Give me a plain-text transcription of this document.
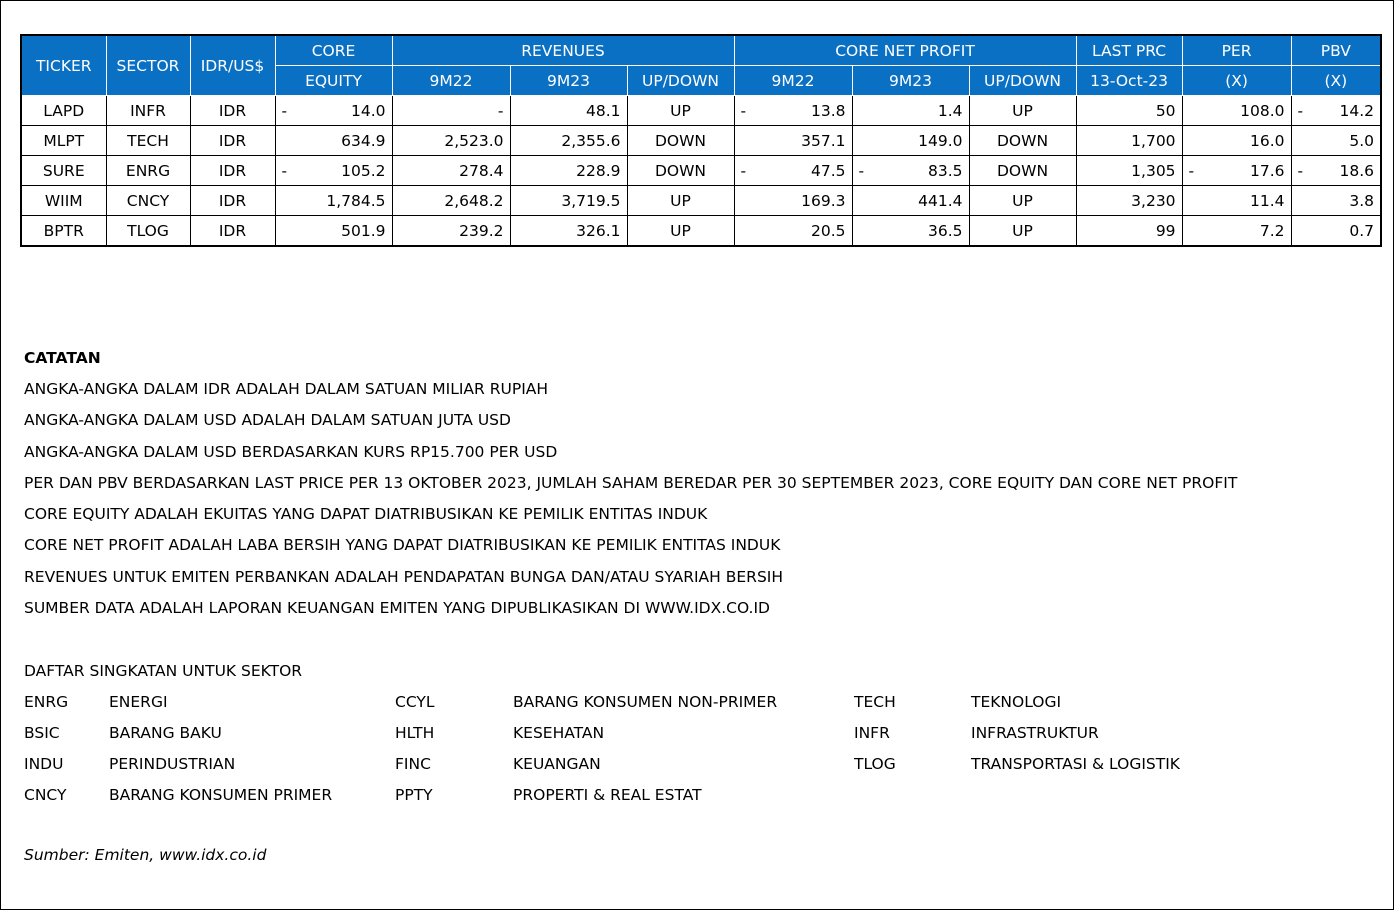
TICKER	SECTOR	IDR/US$	CORE	REVENUES			CORE NET PROFIT			LAST PRC	PER	PBV
			EQUITY	9M22	9M23	UP/DOWN	9M22	9M23	UP/DOWN	13-Oct-23	(X)	(X)
LAPD	INFR	IDR	- 14.0	-	48.1	UP	- 13.8	1.4	UP	50	108.0	- 14.2
MLPT	TECH	IDR	634.9	2,523.0	2,355.6	DOWN	357.1	149.0	DOWN	1,700	16.0	5.0
SURE	ENRG	IDR	- 105.2	278.4	228.9	DOWN	- 47.5	- 83.5	DOWN	1,305	- 17.6	- 18.6
WIIM	CNCY	IDR	1,784.5	2,648.2	3,719.5	UP	169.3	441.4	UP	3,230	11.4	3.8
BPTR	TLOG	IDR	501.9	239.2	326.1	UP	20.5	36.5	UP	99	7.2	0.7
CATATAN
ANGKA-ANGKA DALAM IDR ADALAH DALAM SATUAN MILIAR RUPIAH
ANGKA-ANGKA DALAM USD ADALAH DALAM SATUAN JUTA USD
ANGKA-ANGKA DALAM USD BERDASARKAN KURS RP15.700 PER USD
PER DAN PBV BERDASARKAN LAST PRICE PER 13 OKTOBER 2023, JUMLAH SAHAM BEREDAR PER 30 SEPTEMBER 2023, CORE EQUITY DAN CORE NET PROFIT
CORE EQUITY ADALAH EKUITAS YANG DAPAT DIATRIBUSIKAN KE PEMILIK ENTITAS INDUK
CORE NET PROFIT ADALAH LABA BERSIH YANG DAPAT DIATRIBUSIKAN KE PEMILIK ENTITAS INDUK
REVENUES UNTUK EMITEN PERBANKAN ADALAH PENDAPATAN BUNGA DAN/ATAU SYARIAH BERSIH
SUMBER DATA ADALAH LAPORAN KEUANGAN EMITEN YANG DIPUBLIKASIKAN DI WWW.IDX.CO.ID
DAFTAR SINGKATAN UNTUK SEKTOR
ENRG	ENERGI	CCYL	BARANG KONSUMEN NON-PRIMER	TECH	TEKNOLOGI
BSIC	BARANG BAKU	HLTH	KESEHATAN	INFR	INFRASTRUKTUR
INDU	PERINDUSTRIAN	FINC	KEUANGAN	TLOG	TRANSPORTASI & LOGISTIK
CNCY	BARANG KONSUMEN PRIMER	PPTY	PROPERTI & REAL ESTAT		
Sumber: Emiten, www.idx.co.id
